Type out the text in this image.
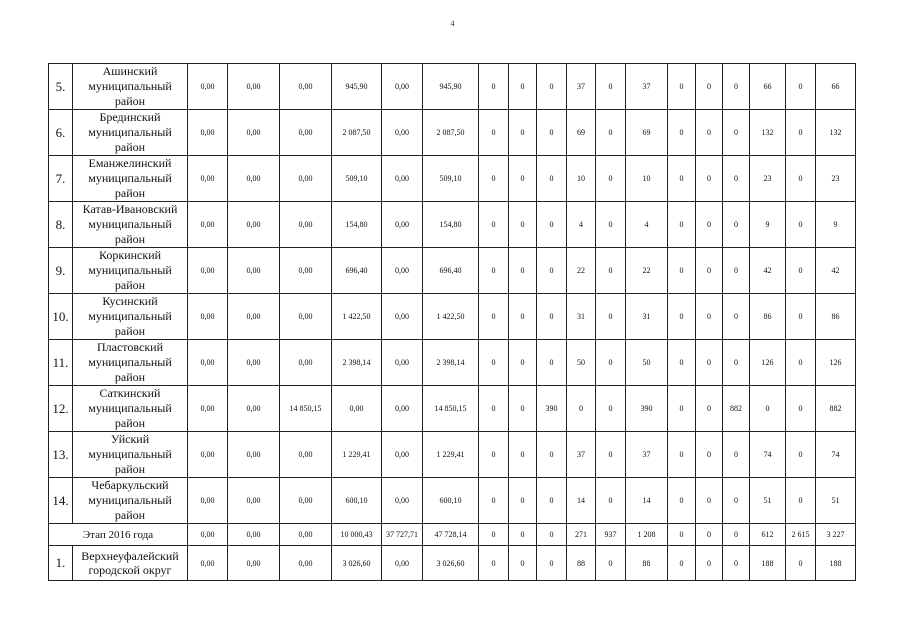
4
5.	Ашинский
муниципальный
район	0,00	0,00	0,00	945,90	0,00	945,90	0	0	0	37	0	37	0	0	0	66	0	66
6.	Брединский
муниципальный
район	0,00	0,00	0,00	2 087,50	0,00	2 087,50	0	0	0	69	0	69	0	0	0	132	0	132
7.	Еманжелинский
муниципальный
район	0,00	0,00	0,00	509,10	0,00	509,10	0	0	0	10	0	10	0	0	0	23	0	23
8.	Катав-Ивановский
муниципальный
район	0,00	0,00	0,00	154,80	0,00	154,80	0	0	0	4	0	4	0	0	0	9	0	9
9.	Коркинский
муниципальный
район	0,00	0,00	0,00	696,40	0,00	696,40	0	0	0	22	0	22	0	0	0	42	0	42
10.	Кусинский
муниципальный
район	0,00	0,00	0,00	1 422,50	0,00	1 422,50	0	0	0	31	0	31	0	0	0	86	0	86
11.	Пластовский
муниципальный
район	0,00	0,00	0,00	2 398,14	0,00	2 398,14	0	0	0	50	0	50	0	0	0	126	0	126
12.	Саткинский
муниципальный
район	0,00	0,00	14 850,15	0,00	0,00	14 850,15	0	0	390	0	0	390	0	0	882	0	0	882
13.	Уйский
муниципальный
район	0,00	0,00	0,00	1 229,41	0,00	1 229,41	0	0	0	37	0	37	0	0	0	74	0	74
14.	Чебаркульский
муниципальный
район	0,00	0,00	0,00	600,10	0,00	600,10	0	0	0	14	0	14	0	0	0	51	0	51
Этап 2016 года		0,00	0,00	0,00	10 000,43	37 727,71	47 728,14	0	0	0	271	937	1 208	0	0	0	612	2 615	3 227
1.	Верхнеуфалейский
городской округ	0,00	0,00	0,00	3 026,60	0,00	3 026,60	0	0	0	88	0	88	0	0	0	188	0	188
